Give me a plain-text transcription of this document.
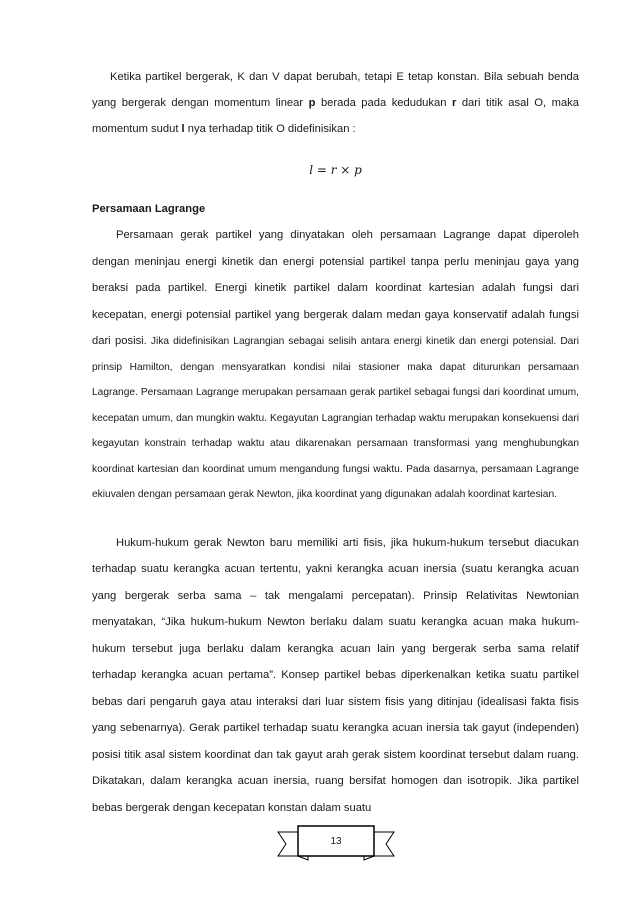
Ketika partikel bergerak, K dan V dapat berubah, tetapi E tetap konstan. Bila sebuah benda yang bergerak dengan momentum linear p berada pada kedudukan r dari titik asal O, maka momentum sudut l nya terhadap titik O didefinisikan :

l = r × p
Persamaan Lagrange

Persamaan gerak partikel yang dinyatakan oleh persamaan Lagrange dapat diperoleh dengan meninjau energi kinetik dan energi potensial partikel tanpa perlu meninjau gaya yang beraksi pada partikel. Energi kinetik partikel dalam koordinat kartesian adalah fungsi dari kecepatan, energi potensial partikel yang bergerak dalam medan gaya konservatif adalah fungsi dari posisi. Jika didefinisikan Lagrangian sebagai selisih antara energi kinetik dan energi potensial. Dari prinsip Hamilton, dengan mensyaratkan kondisi nilai stasioner maka dapat diturunkan persamaan Lagrange. Persamaan Lagrange merupakan persamaan gerak partikel sebagai fungsi dari koordinat umum, kecepatan umum, dan mungkin waktu. Kegayutan Lagrangian terhadap waktu merupakan konsekuensi dari kegayutan konstrain terhadap waktu atau dikarenakan persamaan transformasi yang menghubungkan koordinat kartesian dan koordinat umum mengandung fungsi waktu. Pada dasarnya, persamaan Lagrange ekiuvalen dengan persamaan gerak Newton, jika koordinat yang digunakan adalah koordinat kartesian.

Hukum-hukum gerak Newton baru memiliki arti fisis, jika hukum-hukum tersebut diacukan terhadap suatu kerangka acuan tertentu, yakni kerangka acuan inersia (suatu kerangka acuan yang bergerak serba sama – tak mengalami percepatan). Prinsip Relativitas Newtonian menyatakan, “Jika hukum-hukum Newton berlaku dalam suatu kerangka acuan maka hukum-hukum tersebut juga berlaku dalam kerangka acuan lain yang bergerak serba sama relatif terhadap kerangka acuan pertama”. Konsep partikel bebas diperkenalkan ketika suatu partikel bebas dari pengaruh gaya atau interaksi dari luar sistem fisis yang ditinjau (idealisasi fakta fisis yang sebenarnya). Gerak partikel terhadap suatu kerangka acuan inersia tak gayut (independen) posisi titik asal sistem koordinat dan tak gayut arah gerak sistem koordinat tersebut dalam ruang. Dikatakan, dalam kerangka acuan inersia, ruang bersifat homogen dan isotropik. Jika partikel bebas bergerak dengan kecepatan konstan dalam suatu

13
